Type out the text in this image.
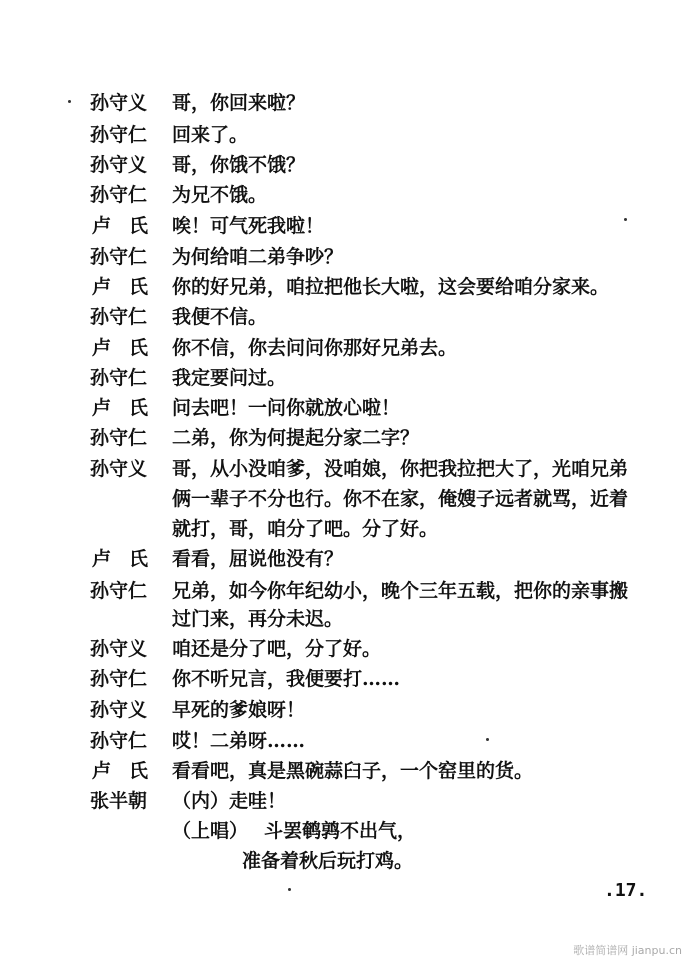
孙守义	哥，你回来啦？
孙守仁	回来了。
孙守义	哥，你饿不饿？
孙守仁	为兄不饿。
卢氏 唉！可气死我啦！
孙守仁	为何给咱二弟争吵？
卢氏 你的好兄弟，咱拉把他长大啦，这会要给咱分家来。
孙守仁	我便不信。
卢氏 你不信，你去问问你那好兄弟去。
孙守仁	我定要问过。
卢氏 问去吧！一问你就放心啦！
孙守仁	二弟，你为何提起分家二字？
孙守义	哥，从小没咱爹，没咱娘，你把我拉把大了，光咱兄弟
俩一辈子不分也行。你不在家，俺嫂子远者就骂，近着
就打，哥，咱分了吧。分了好。
卢氏 看看，屈说他没有？
孙守仁	兄弟，如今你年纪幼小，晚个三年五载，把你的亲事搬
过门来，再分未迟。
孙守义	咱还是分了吧，分了好。
孙守仁	你不听兄言，我便要打……
孙守义	早死的爹娘呀！
孙守仁	哎！二弟呀……
卢氏 看看吧，真是黑碗蒜臼子，一个窑里的货。
张半朝	（内）走哇！
（上唱） 斗罢鹌鹑不出气，
准备着秋后玩打鸡。
.17.
歌谱简谱网 jianpu.cn
